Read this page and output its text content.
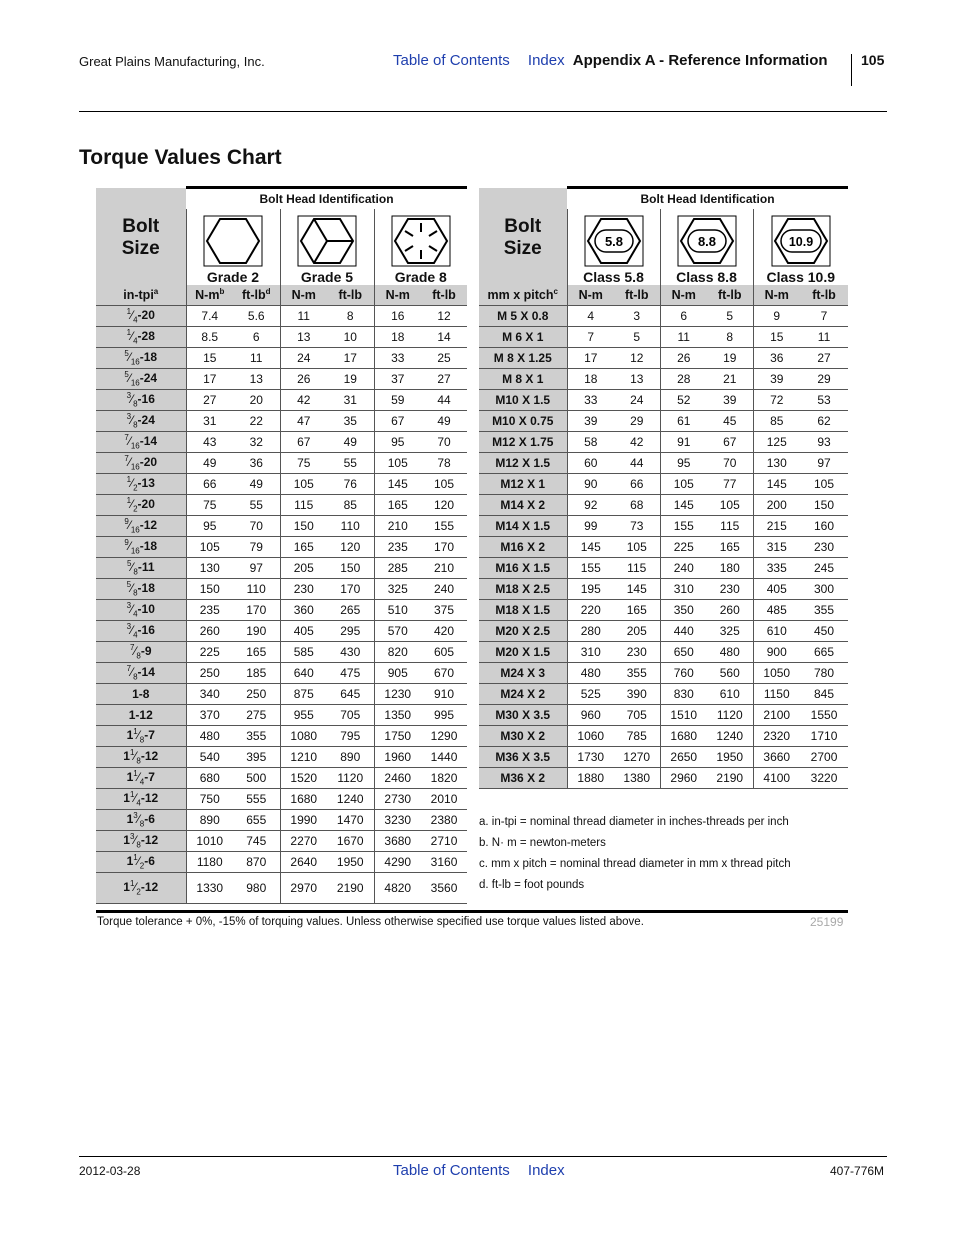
Great Plains Manufacturing, Inc.	Table of Contents Index Appendix A - Reference Information 105
Torque Values Chart
Bolt
Size	Bolt Head Identification					

	Grade 2		Grade 5		Grade 8	

in-tpi$^a$	$N-m^b$	$ft-lb^d$	N-m	ft-lb	N-m	ft-lb
$^1⁄_4-20$	7.4	5.6	11	8	16	12
$^1⁄_4-28$	8.5	6	13	10	18	14
$^5⁄_{16}-18$	15	11	24	17	33	25
$^5⁄_{16}-24$	17	13	26	19	37	27
$^3⁄_8-16$	27	20	42	31	59	44
$^3⁄_8-24$	31	22	47	35	67	49
$^7⁄_{16}-14$	43	32	67	49	95	70
$^7⁄_{16}-20$	49	36	75	55	105	78
$^1⁄_2-13$	66	49	105	76	145	105
$^1⁄_2-20$	75	55	115	85	165	120
$^9⁄_{16}-12$	95	70	150	110	210	155
$^9⁄_{16}-18$	105	79	165	120	235	170
$^5⁄_8-11$	130	97	205	150	285	210
$^5⁄_8-18$	150	110	230	170	325	240
$^3⁄_4-10$	235	170	360	265	510	375
$^3⁄_4-16$	260	190	405	295	570	420
$^7⁄_8-9$	225	165	585	430	820	605
$^7⁄_8-14$	250	185	640	475	905	670
1-8	340	250	875	645	1230	910
1-12	370	275	955	705	1350	995
$1^1⁄_8-7$	480	355	1080	795	1750	1290
$1^1⁄_8-12$	540	395	1210	890	1960	1440
$1^1⁄_4-7$	680	500	1520	1120	2460	1820
$1^1⁄_4-12$	750	555	1680	1240	2730	2010
$1^3⁄_8-6$	890	655	1990	1470	3230	2380
$1^3⁄_8-12$	1010	745	2270	1670	3680	2710
$1^1⁄_2-6$	1180	870	2640	1950	4290	3160
$1^1⁄_2-12$	1330	980	2970	2190	4820	3560
Bolt
Size	Bolt Head Identification					

5.8
Class 5.8		8.8
Class 8.8		10.9
Class 10.9	

mm x pitch$^c$	N-m	ft-lb	N-m	ft-lb	N-m	ft-lb
M 5 X 0.8	4	3	6	5	9	7
M 6 X 1	7	5	11	8	15	11
M 8 X 1.25	17	12	26	19	36	27
M 8 X 1	18	13	28	21	39	29
M10 X 1.5	33	24	52	39	72	53
M10 X 0.75	39	29	61	45	85	62
M12 X 1.75	58	42	91	67	125	93
M12 X 1.5	60	44	95	70	130	97
M12 X 1	90	66	105	77	145	105
M14 X 2	92	68	145	105	200	150
M14 X 1.5	99	73	155	115	215	160
M16 X 2	145	105	225	165	315	230
M16 X 1.5	155	115	240	180	335	245
M18 X 2.5	195	145	310	230	405	300
M18 X 1.5	220	165	350	260	485	355
M20 X 2.5	280	205	440	325	610	450
M20 X 1.5	310	230	650	480	900	665
M24 X 3	480	355	760	560	1050	780
M24 X 2	525	390	830	610	1150	845
M30 X 3.5	960	705	1510	1120	2100	1550
M30 X 2	1060	785	1680	1240	2320	1710
M36 X 3.5	1730	1270	2650	1950	3660	2700
M36 X 2	1880	1380	2960	2190	4100	3220
a. in-tpi = nominal thread diameter in inches-threads per inch
b. N· m = newton-meters
c. mm x pitch = nominal thread diameter in mm x thread pitch
d. ft-lb = foot pounds
Torque tolerance + 0%, -15% of torquing values. Unless otherwise specified use torque values listed above.	25199
2012-03-28	Table of Contents Index	407-776M
